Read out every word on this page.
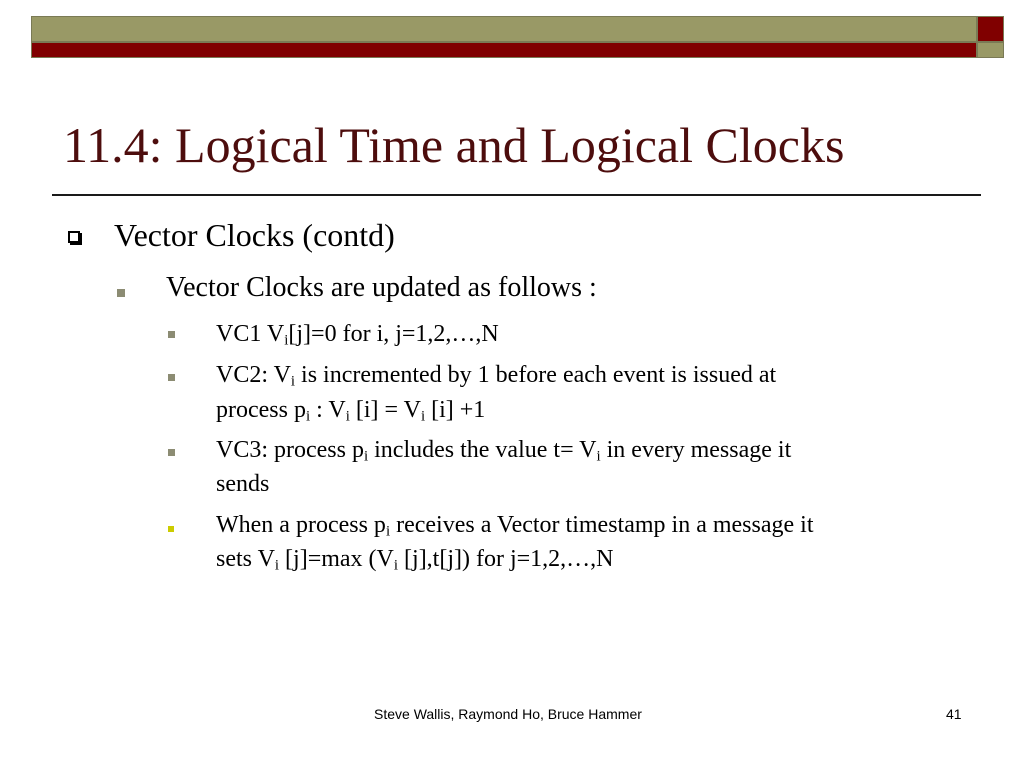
11.4: Logical Time and Logical Clocks
Vector Clocks (contd)
Vector Clocks are updated as follows :
VC1 $V_i[j]=0$ for i, j=1,2,…,N
VC2: $V_i$ is incremented by 1 before each event is issued at
process $p_i$ : $V_i$ $[i] = V_i$ [i] +1
VC3: process $p_i$ includes the value $t= V_i$ in every message it
sends
When a process $p_i$ receives a Vector timestamp in a message it
sets $V_i$ [j]=max ($V_i$ [j],t[j]) for j=1,2,…,N
Steve Wallis, Raymond Ho, Bruce Hammer	41
